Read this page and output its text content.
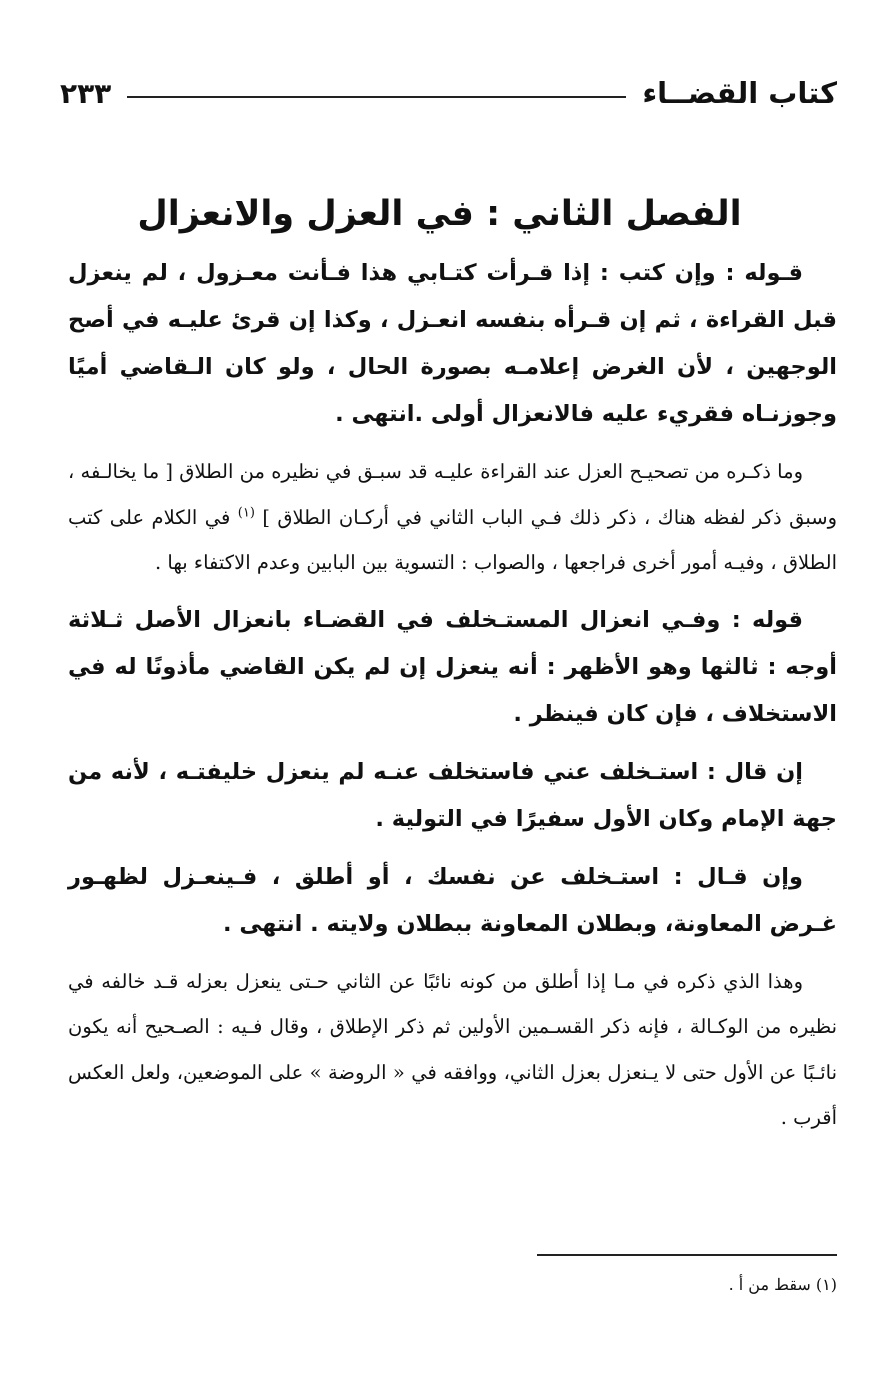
كتاب القضــاء
٢٣٣
الفصل الثاني : في العزل والانعزال

قـوله : وإن كتب : إذا قـرأت كتـابي هذا فـأنت معـزول ، لم ينعزل قبل القراءة ، ثم إن قـرأه بنفسه انعـزل ، وكذا إن قرئ عليـه في أصح الوجهين ، لأن الغرض إعلامـه بصورة الحال ، ولو كان الـقاضي أميًا وجوزنـاه فقريء عليه فالانعزال أولى .انتهى .

وما ذكـره من تصحيـح العزل عند القراءة عليـه قد سبـق في نظيره من الطلاق [ ما يخالـفه ، وسبق ذكر لفظه هناك ، ذكر ذلك فـي الباب الثاني في أركـان الطلاق ] $^{(١)}$ في الكلام على كتب الطلاق ، وفيـه أمور أخرى فراجعها ، والصواب : التسوية بين البابين وعدم الاكتفاء بها .

قوله : وفـي انعزال المستـخلف في القضـاء بانعزال الأصل ثـلاثة أوجه : ثالثها وهو الأظهر : أنه ينعزل إن لم يكن القاضي مأذونًا له في الاستخلاف ، فإن كان فينظر .

إن قال : استـخلف عني فاستخلف عنـه لم ينعزل خليفتـه ، لأنه من جهة الإمام وكان الأول سفيرًا في التولية .

وإن قـال : استـخلف عن نفسك ، أو أطلق ، فـينعـزل لظهـور غـرض المعاونة، وبطلان المعاونة ببطلان ولايته . انتهى .

وهذا الذي ذكره في مـا إذا أطلق من كونه نائبًا عن الثاني حـتى ينعزل بعزله قـد خالفه في نظيره من الوكـالة ، فإنه ذكر القسـمين الأولين ثم ذكر الإطلاق ، وقال فـيه : الصـحيح أنه يكون نائـبًا عن الأول حتى لا يـنعزل بعزل الثاني، ووافقه في « الروضة » على الموضعين، ولعل العكس أقرب .

(١) سقط من أ .
